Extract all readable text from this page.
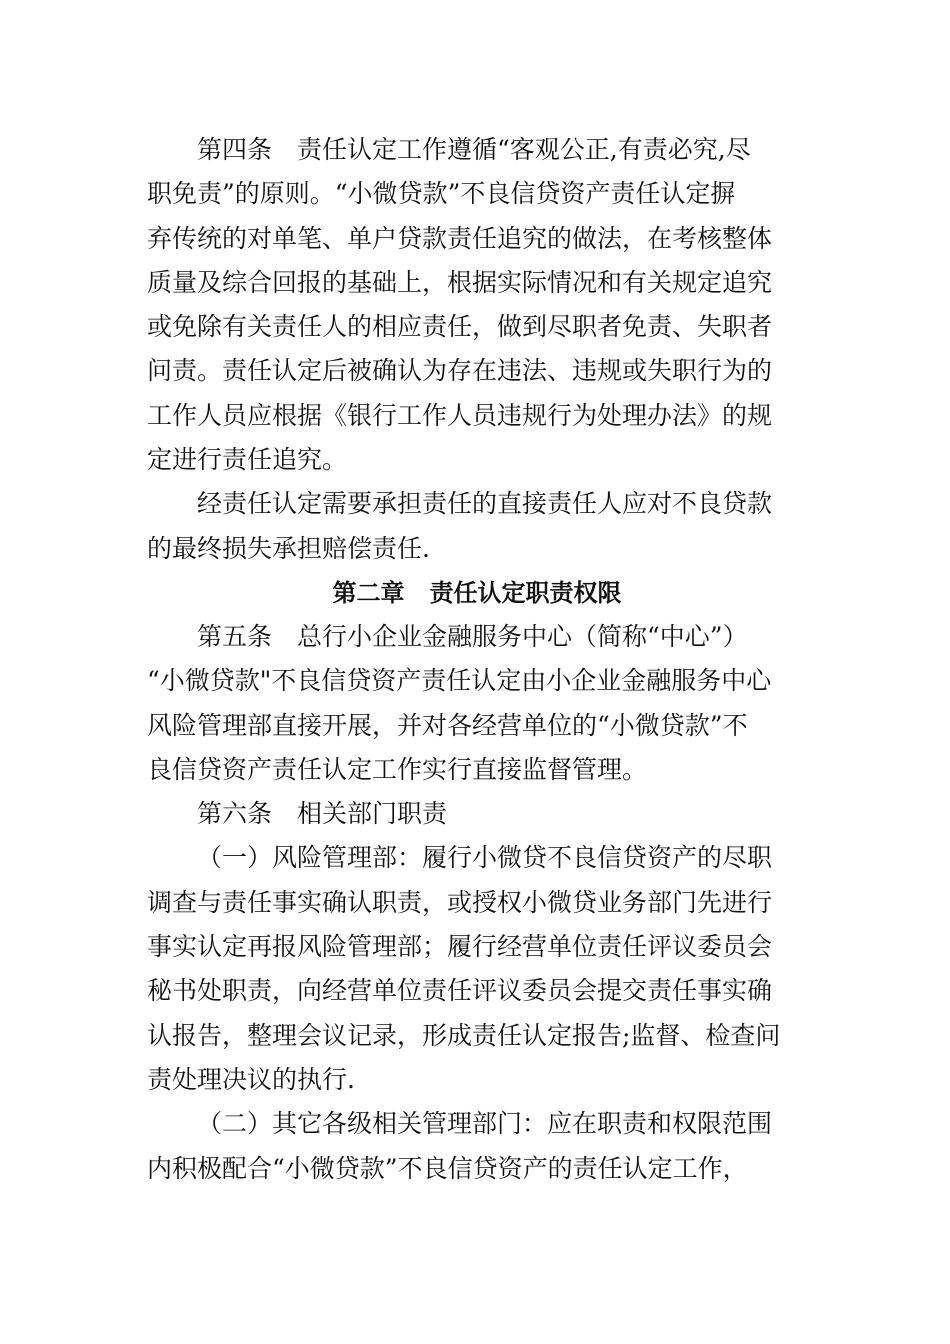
第四条 责任认定工作遵循“客观公正,有责必究,尽
职免责”的原则。“小微贷款”不良信贷资产责任认定摒
弃传统的对单笔、单户贷款责任追究的做法，在考核整体
质量及综合回报的基础上，根据实际情况和有关规定追究
或免除有关责任人的相应责任，做到尽职者免责、失职者
问责。责任认定后被确认为存在违法、违规或失职行为的
工作人员应根据《银行工作人员违规行为处理办法》的规
定进行责任追究。
经责任认定需要承担责任的直接责任人应对不良贷款
的最终损失承担赔偿责任.
第二章 责任认定职责权限
第五条 总行小企业金融服务中心（简称“中心”）
“小微贷款"不良信贷资产责任认定由小企业金融服务中心
风险管理部直接开展，并对各经营单位的“小微贷款”不
良信贷资产责任认定工作实行直接监督管理。
第六条 相关部门职责
（一）风险管理部：履行小微贷不良信贷资产的尽职
调查与责任事实确认职责，或授权小微贷业务部门先进行
事实认定再报风险管理部；履行经营单位责任评议委员会
秘书处职责，向经营单位责任评议委员会提交责任事实确
认报告，整理会议记录，形成责任认定报告;监督、检查问
责处理决议的执行.
（二）其它各级相关管理部门：应在职责和权限范围
内积极配合“小微贷款”不良信贷资产的责任认定工作，
